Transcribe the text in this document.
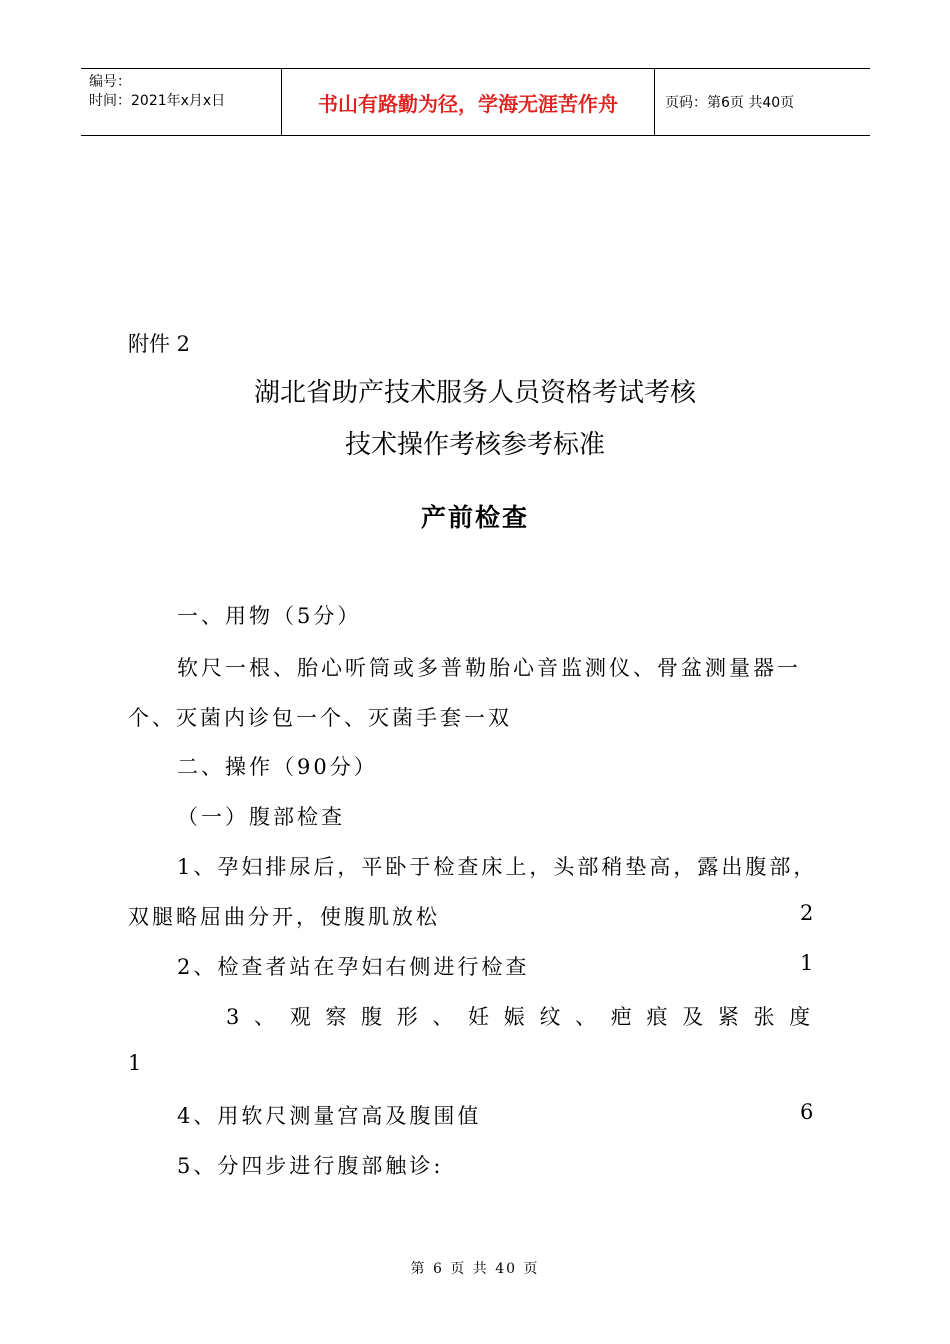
编号：
时间：2021年x月x日	书山有路勤为径，学海无涯苦作舟	页码：第6页 共40页
附件 2
湖北省助产技术服务人员资格考试考核
技术操作考核参考标准
产前检查
一、用物（5分）
软尺一根、胎心听筒或多普勒胎心音监测仪、骨盆测量器一
个、灭菌内诊包一个、灭菌手套一双
二、操作（90分）
（一）腹部检查
1、孕妇排尿后，平卧于检查床上，头部稍垫高，露出腹部，
双腿略屈曲分开，使腹肌放松	2
2、检查者站在孕妇右侧进行检查	1
3 、 观 察 腹 形 、 妊 娠 纹 、 疤 痕 及 紧 张 度
1
4、用软尺测量宫高及腹围值	6
5、分四步进行腹部触诊:
第 6 页 共 40 页
